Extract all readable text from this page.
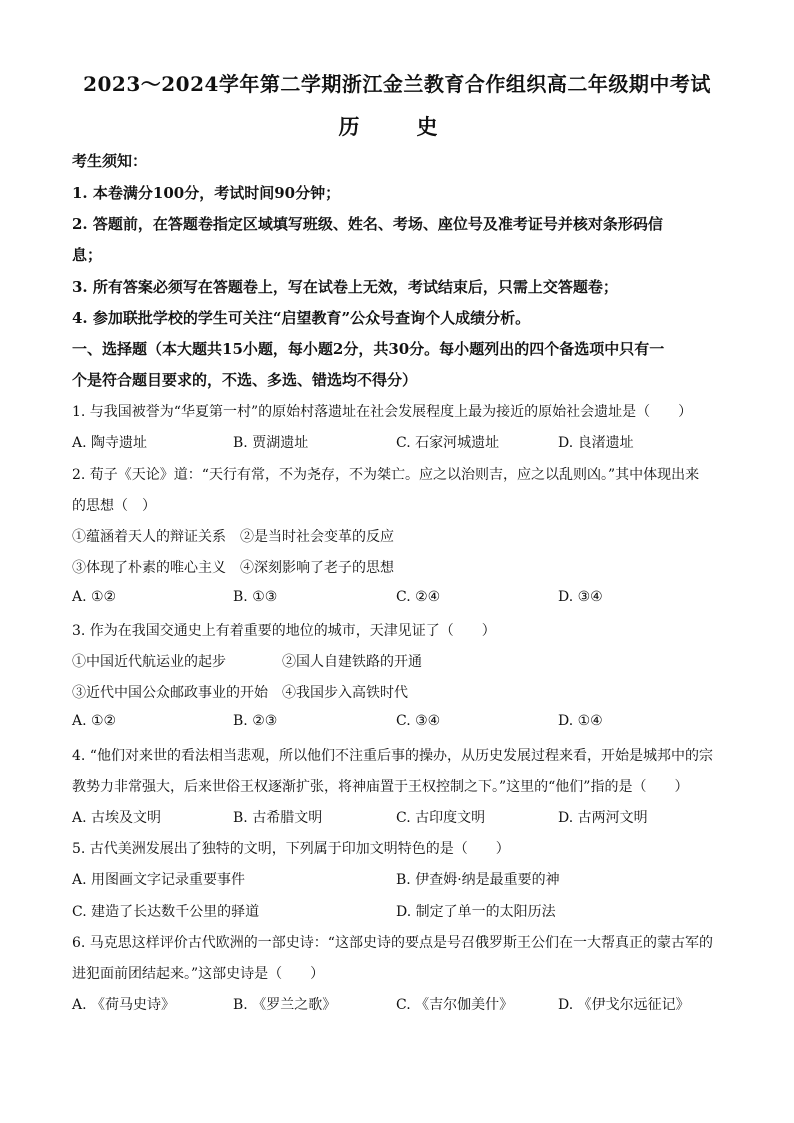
2023～2024学年第二学期浙江金兰教育合作组织高二年级期中考试
历　史
考生须知：
1. 本卷满分100分，考试时间90分钟；
2. 答题前，在答题卷指定区域填写班级、姓名、考场、座位号及准考证号并核对条形码信
息；
3. 所有答案必须写在答题卷上，写在试卷上无效，考试结束后，只需上交答题卷；
4. 参加联批学校的学生可关注“启望教育”公众号查询个人成绩分析。
一、选择题（本大题共15小题，每小题2分，共30分。每小题列出的四个备选项中只有一
个是符合题目要求的，不选、多选、错选均不得分）
1. 与我国被誉为“华夏第一村”的原始村落遗址在社会发展程度上最为接近的原始社会遗址是（　　）
A. 陶寺遗址	B. 贾湖遗址	C. 石家河城遗址	D. 良渚遗址
2. 荀子《天论》道：“天行有常，不为尧存，不为桀亡。应之以治则吉，应之以乱则凶。”其中体现出来
的思想（　）
①蕴涵着天人的辩证关系　②是当时社会变革的反应
③体现了朴素的唯心主义　④深刻影响了老子的思想
A. ①②	B. ①③	C. ②④	D. ③④
3. 作为在我国交通史上有着重要的地位的城市，天津见证了（　　）
①中国近代航运业的起步　　　　②国人自建铁路的开通
③近代中国公众邮政事业的开始　④我国步入高铁时代
A. ①②	B. ②③	C. ③④	D. ①④
4. “他们对来世的看法相当悲观，所以他们不注重后事的操办，从历史发展过程来看，开始是城邦中的宗
教势力非常强大，后来世俗王权逐渐扩张，将神庙置于王权控制之下。”这里的“他们”指的是（　　）
A. 古埃及文明	B. 古希腊文明	C. 古印度文明	D. 古两河文明
5. 古代美洲发展出了独特的文明，下列属于印加文明特色的是（　　）
A. 用图画文字记录重要事件	B. 伊查姆·纳是最重要的神
C. 建造了长达数千公里的驿道	D. 制定了单一的太阳历法
6. 马克思这样评价古代欧洲的一部史诗：“这部史诗的要点是号召俄罗斯王公们在一大帮真正的蒙古军的
进犯面前团结起来。”这部史诗是（　　）
A. 《荷马史诗》	B. 《罗兰之歌》	C. 《吉尔伽美什》	D. 《伊戈尔远征记》
